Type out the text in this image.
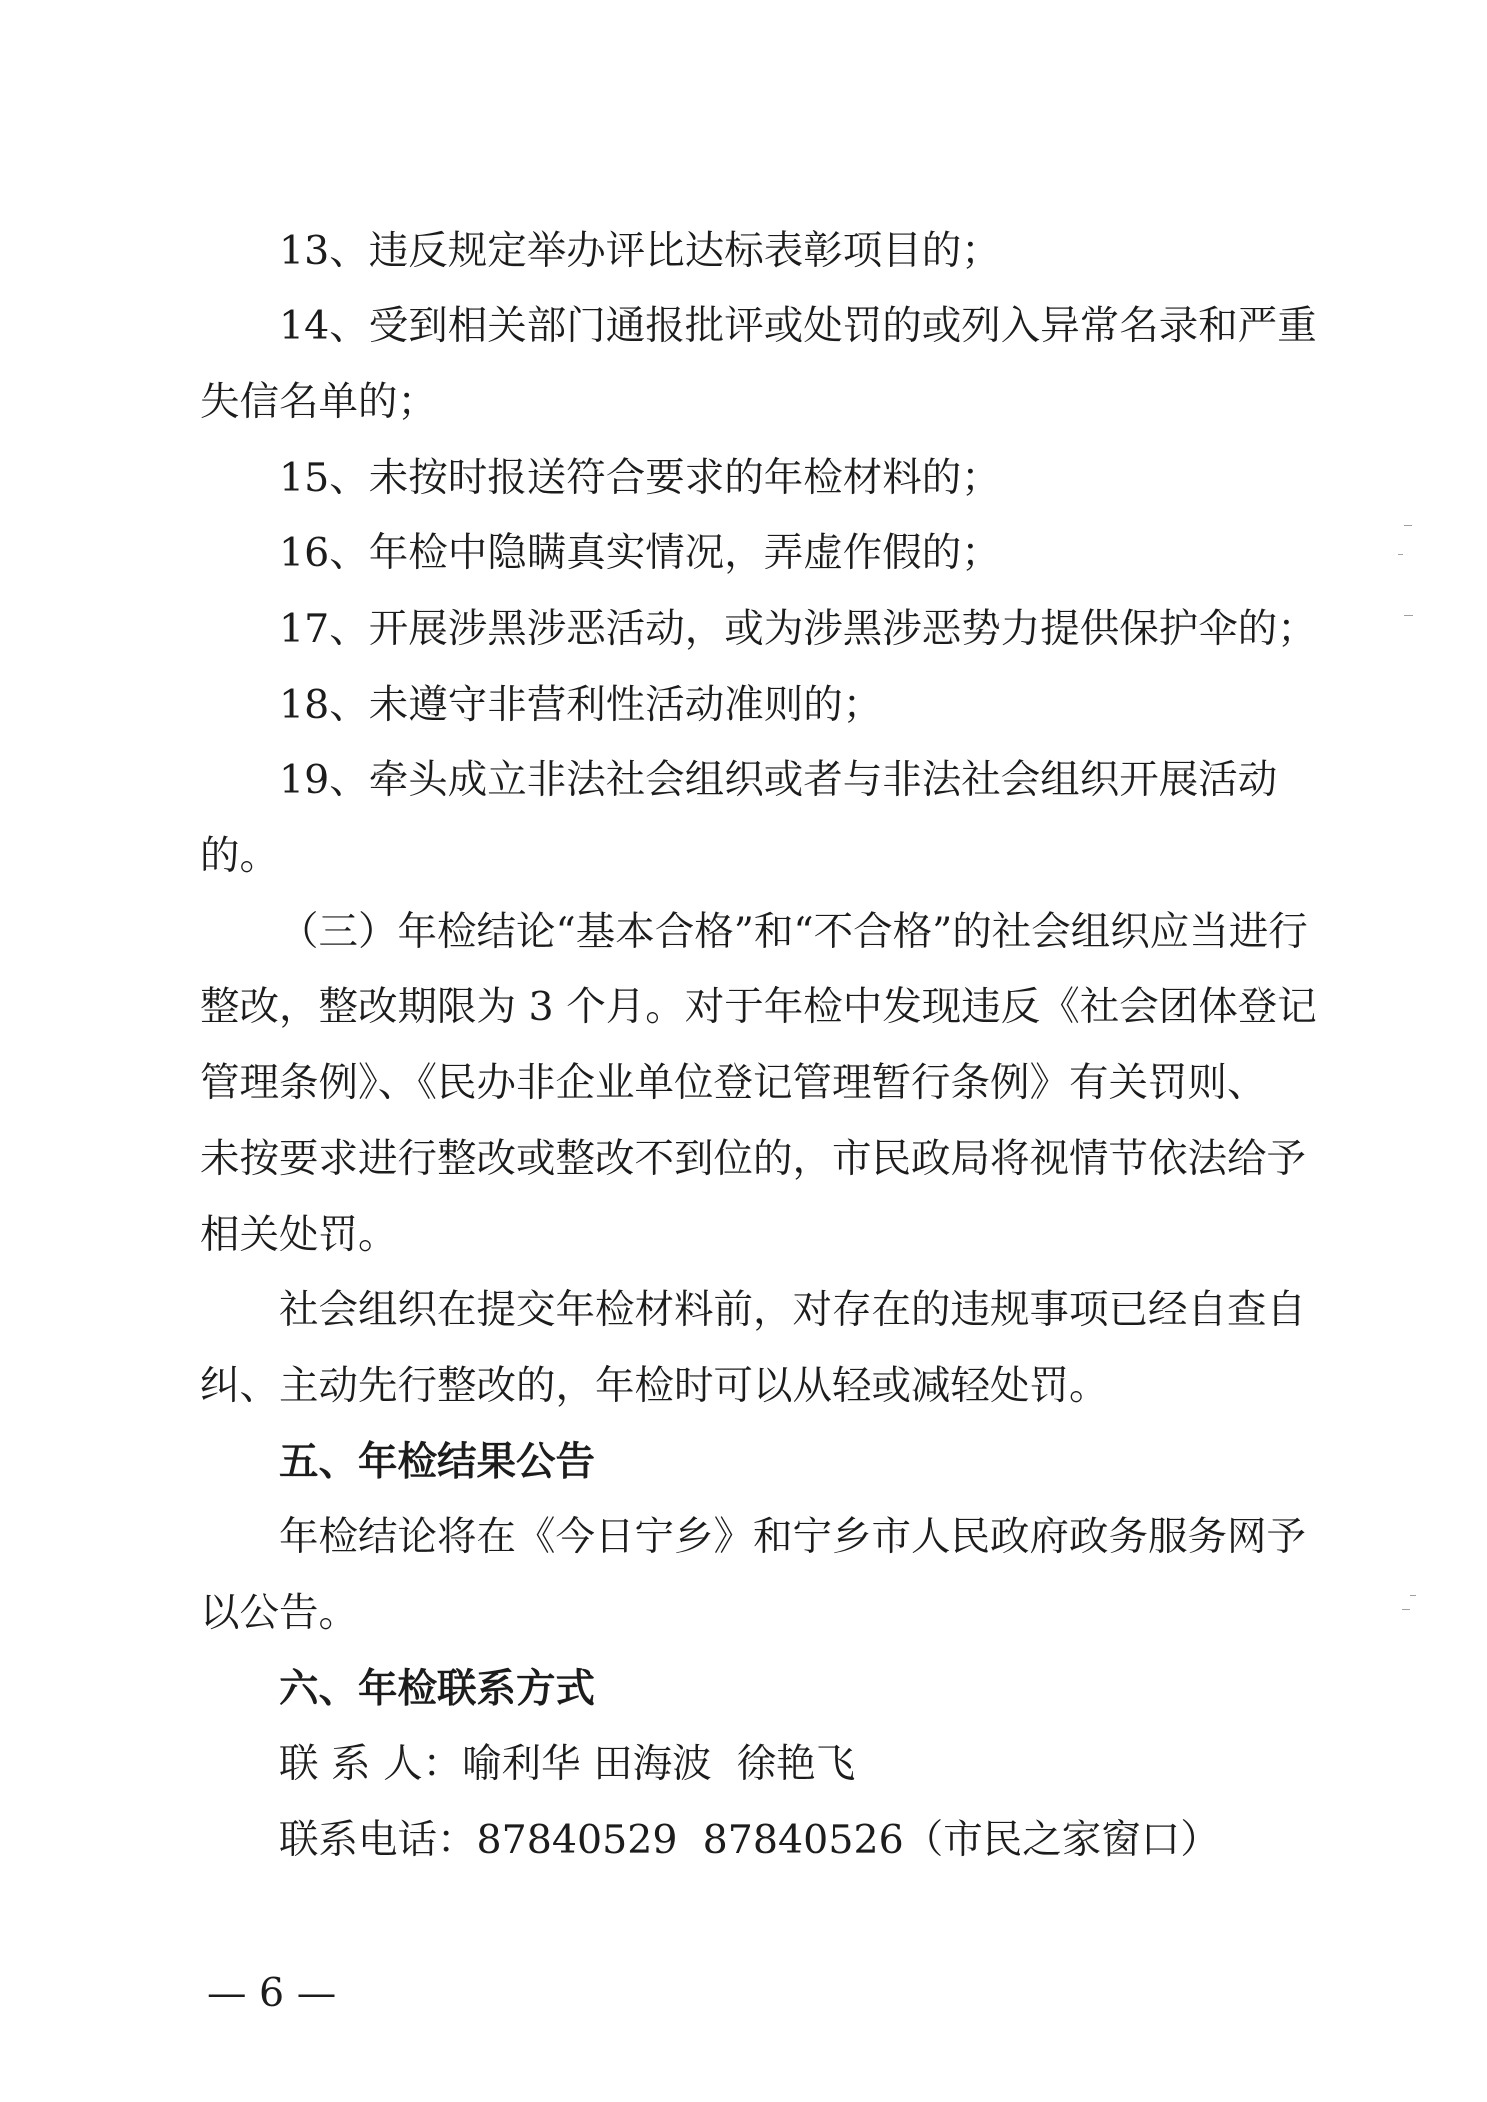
13、违反规定举办评比达标表彰项目的；
14、受到相关部门通报批评或处罚的或列入异常名录和严重
失信名单的；
15、未按时报送符合要求的年检材料的；
16、年检中隐瞒真实情况，弄虚作假的；
17、开展涉黑涉恶活动，或为涉黑涉恶势力提供保护伞的；
18、未遵守非营利性活动准则的；
19、牵头成立非法社会组织或者与非法社会组织开展活动
的。
（三）年检结论“基本合格”和“不合格”的社会组织应当进行
整改，整改期限为 3 个月。对于年检中发现违反《社会团体登记
管理条例》、《民办非企业单位登记管理暂行条例》有关罚则、
未按要求进行整改或整改不到位的，市民政局将视情节依法给予
相关处罚。
社会组织在提交年检材料前，对存在的违规事项已经自查自
纠、主动先行整改的，年检时可以从轻或减轻处罚。
五、年检结果公告
年检结论将在《今日宁乡》和宁乡市人民政府政务服务网予
以公告。
六、年检联系方式
联 系 人：喻利华 田海波  徐艳飞
联系电话：87840529  87840526（市民之家窗口）
— 6 —
